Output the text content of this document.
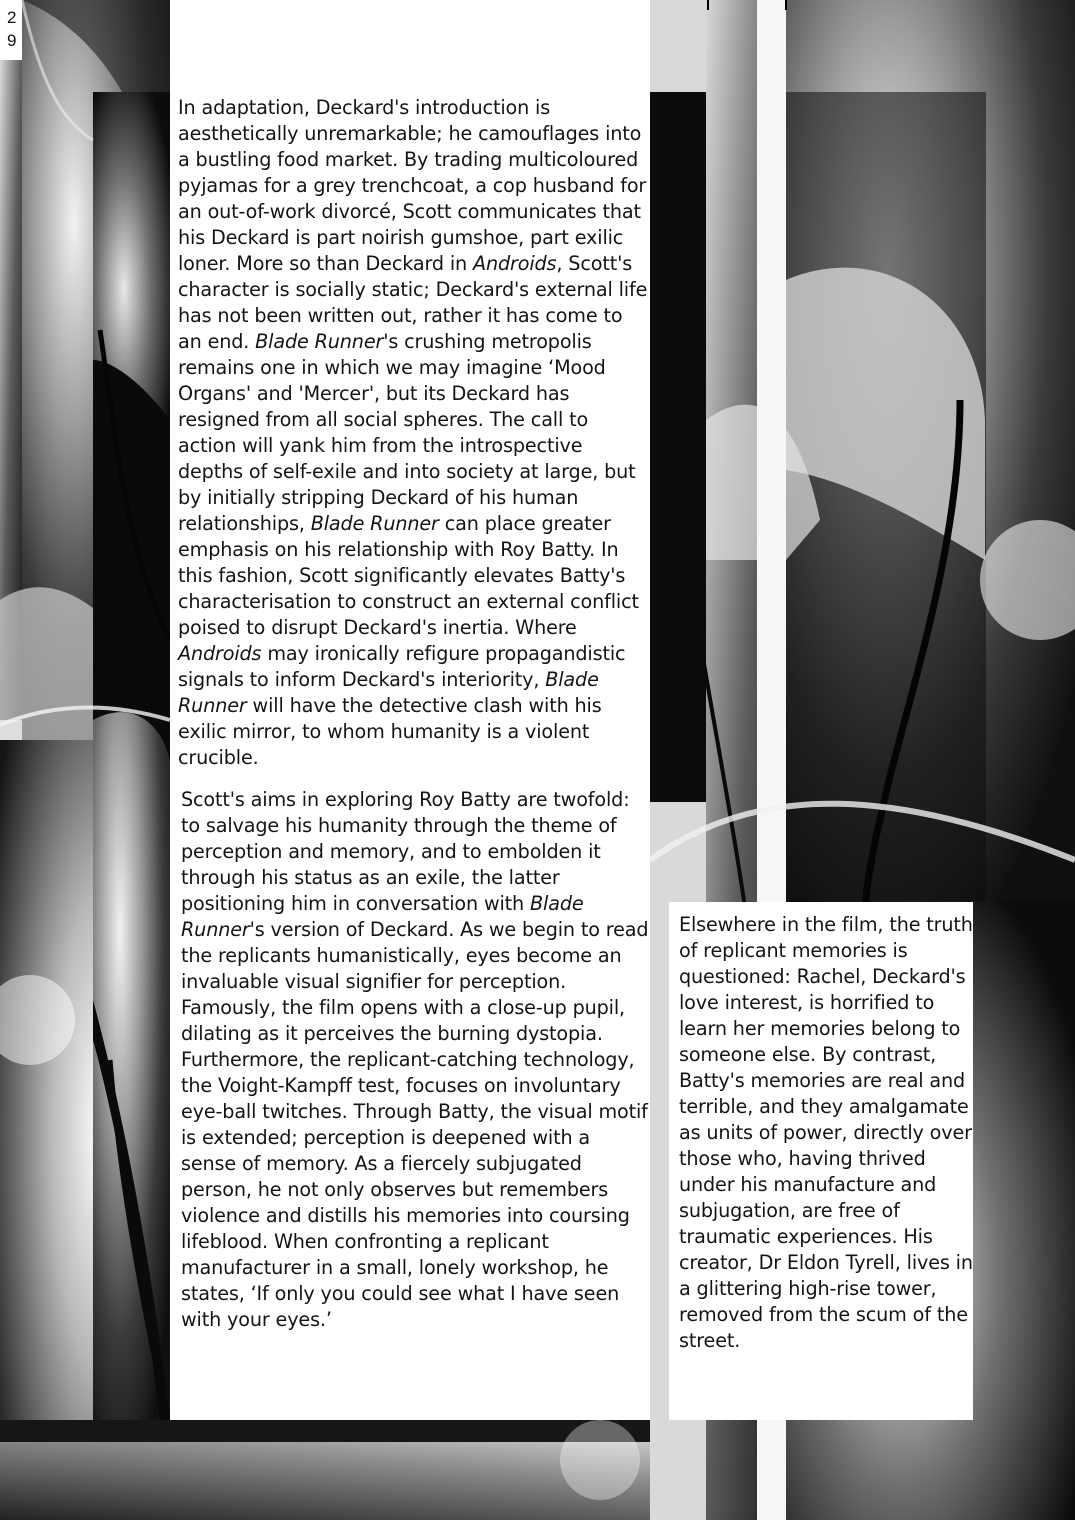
2
9

In adaptation, Deckard's introduction is aesthetically unremarkable; he camouflages into a bustling food market. By trading multicoloured pyjamas for a grey trenchcoat, a cop husband for an out-of-work divorcé, Scott communicates that his Deckard is part noirish gumshoe, part exilic loner. More so than Deckard in Androids, Scott's character is socially static; Deckard's external life has not been written out, rather it has come to an end. Blade Runner's crushing metropolis remains one in which we may imagine ‘Mood Organs' and 'Mercer', but its Deckard has resigned from all social spheres. The call to action will yank him from the introspective depths of self-exile and into society at large, but by initially stripping Deckard of his human relationships, Blade Runner can place greater emphasis on his relationship with Roy Batty. In this fashion, Scott significantly elevates Batty's characterisation to construct an external conflict poised to disrupt Deckard's inertia. Where Androids may ironically refigure propagandistic signals to inform Deckard's interiority, Blade Runner will have the detective clash with his exilic mirror, to whom humanity is a violent crucible.

Scott's aims in exploring Roy Batty are twofold: to salvage his humanity through the theme of perception and memory, and to embolden it through his status as an exile, the latter positioning him in conversation with Blade Runner's version of Deckard. As we begin to read the replicants humanistically, eyes become an invaluable visual signifier for perception. Famously, the film opens with a close-up pupil, dilating as it perceives the burning dystopia. Furthermore, the replicant-catching technology, the Voight-Kampff test, focuses on involuntary eye-ball twitches. Through Batty, the visual motif is extended; perception is deepened with a sense of memory. As a fiercely subjugated person, he not only observes but remembers violence and distills his memories into coursing lifeblood. When confronting a replicant manufacturer in a small, lonely workshop, he states, ‘If only you could see what I have seen with your eyes.’

Elsewhere in the film, the truth of replicant memories is questioned: Rachel, Deckard's love interest, is horrified to learn her memories belong to someone else. By contrast, Batty's memories are real and terrible, and they amalgamate as units of power, directly over those who, having thrived under his manufacture and subjugation, are free of traumatic experiences. His creator, Dr Eldon Tyrell, lives in a glittering high-rise tower, removed from the scum of the street.
